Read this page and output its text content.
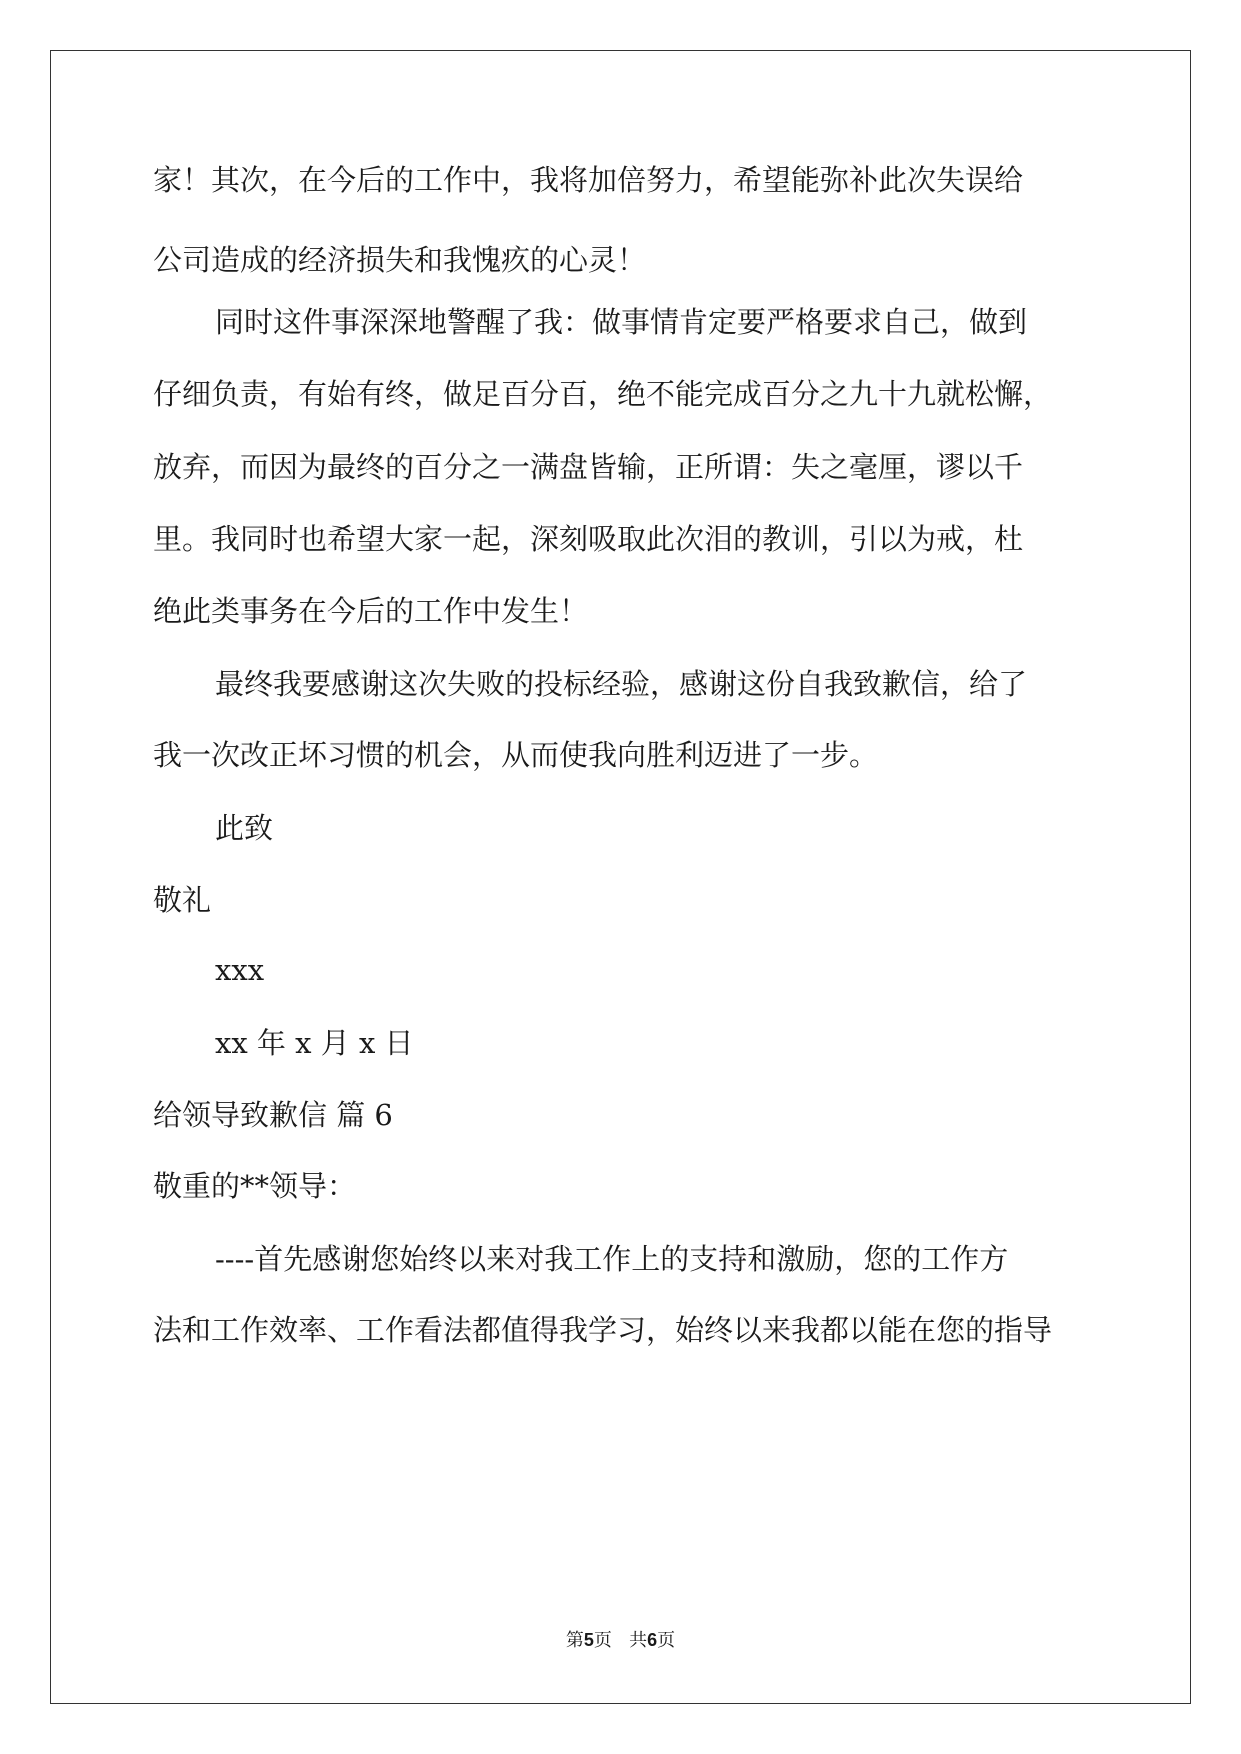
家！其次，在今后的工作中，我将加倍努力，希望能弥补此次失误给
公司造成的经济损失和我愧疚的心灵！
同时这件事深深地警醒了我：做事情肯定要严格要求自己，做到
仔细负责，有始有终，做足百分百，绝不能完成百分之九十九就松懈，
放弃，而因为最终的百分之一满盘皆输，正所谓：失之毫厘，谬以千
里。我同时也希望大家一起，深刻吸取此次泪的教训，引以为戒，杜
绝此类事务在今后的工作中发生！
最终我要感谢这次失败的投标经验，感谢这份自我致歉信，给了
我一次改正坏习惯的机会，从而使我向胜利迈进了一步。
此致
敬礼
xxx
xx 年 x 月 x 日
给领导致歉信 篇 6
敬重的**领导：
----首先感谢您始终以来对我工作上的支持和激励，您的工作方
法和工作效率、工作看法都值得我学习，始终以来我都以能在您的指导
第5页   共6页
